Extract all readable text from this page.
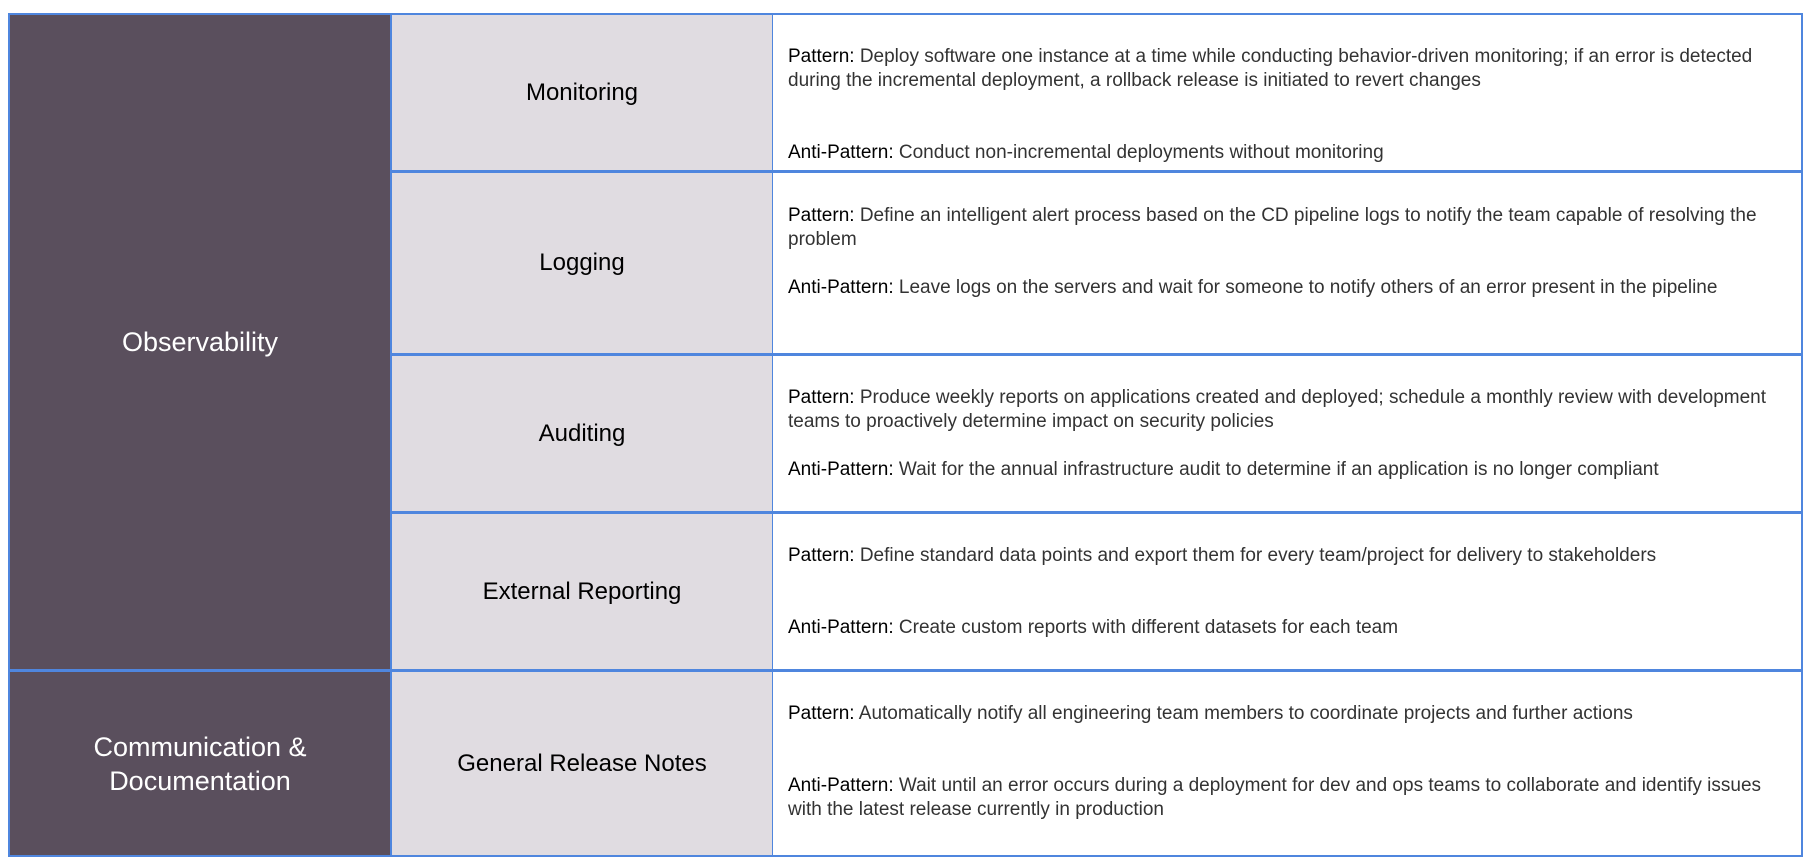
Observability
Monitoring
Pattern: Deploy software one instance at a time while conducting behavior-driven monitoring; if an error is detected during the incremental deployment, a rollback release is initiated to revert changes
Anti-Pattern: Conduct non-incremental deployments without monitoring
Logging
Pattern: Define an intelligent alert process based on the CD pipeline logs to notify the team capable of resolving the problem
Anti-Pattern: Leave logs on the servers and wait for someone to notify others of an error present in the pipeline
Auditing
Pattern: Produce weekly reports on applications created and deployed; schedule a monthly review with development teams to proactively determine impact on security policies
Anti-Pattern: Wait for the annual infrastructure audit to determine if an application is no longer compliant
External Reporting
Pattern: Define standard data points and export them for every team/project for delivery to stakeholders
Anti-Pattern: Create custom reports with different datasets for each team
Communication &
Documentation
General Release Notes
Pattern: Automatically notify all engineering team members to coordinate projects and further actions
Anti-Pattern: Wait until an error occurs during a deployment for dev and ops teams to collaborate and identify issues with the latest release currently in production
